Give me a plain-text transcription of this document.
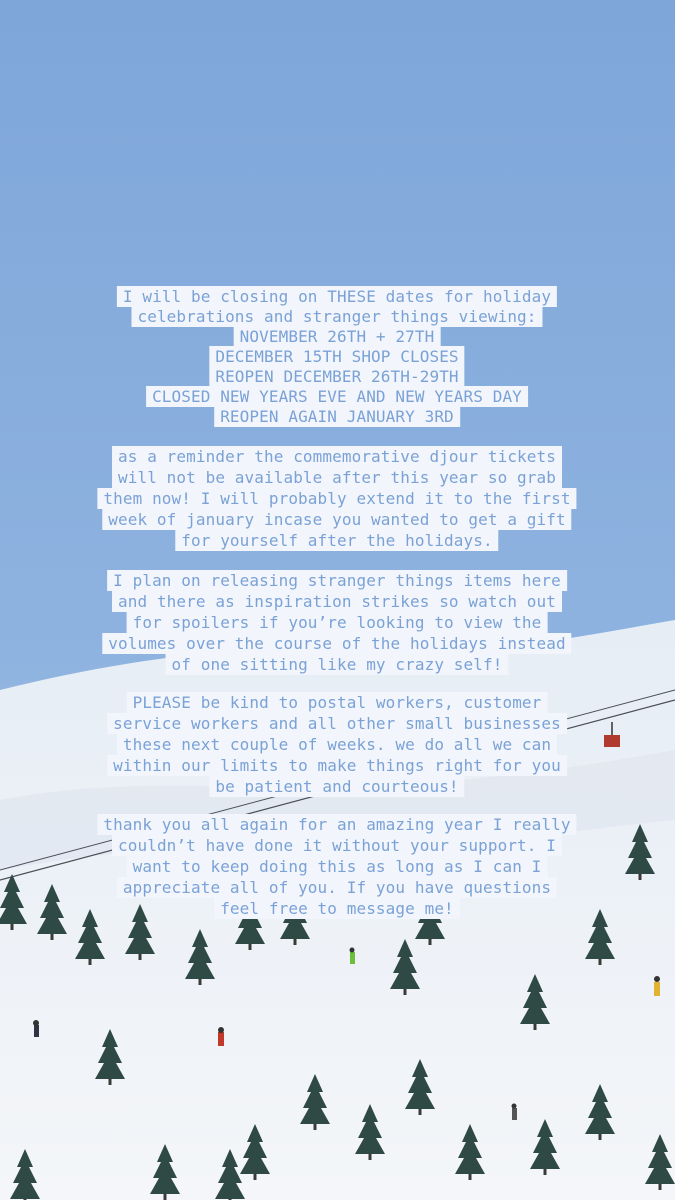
I will be closing on THESE dates for holiday
celebrations and stranger things viewing:
NOVEMBER 26TH + 27TH
DECEMBER 15TH SHOP CLOSES
REOPEN DECEMBER 26TH-29TH
CLOSED NEW YEARS EVE AND NEW YEARS DAY
REOPEN AGAIN JANUARY 3RD
as a reminder the commemorative djour tickets
will not be available after this year so grab
them now! I will probably extend it to the first
week of january incase you wanted to get a gift
for yourself after the holidays.
I plan on releasing stranger things items here
and there as inspiration strikes so watch out
for spoilers if you’re looking to view the
volumes over the course of the holidays instead
of one sitting like my crazy self!
PLEASE be kind to postal workers, customer
service workers and all other small businesses
these next couple of weeks. we do all we can
within our limits to make things right for you
be patient and courteous!
thank you all again for an amazing year I really
couldn’t have done it without your support. I
want to keep doing this as long as I can I
appreciate all of you. If you have questions
feel free to message me!
